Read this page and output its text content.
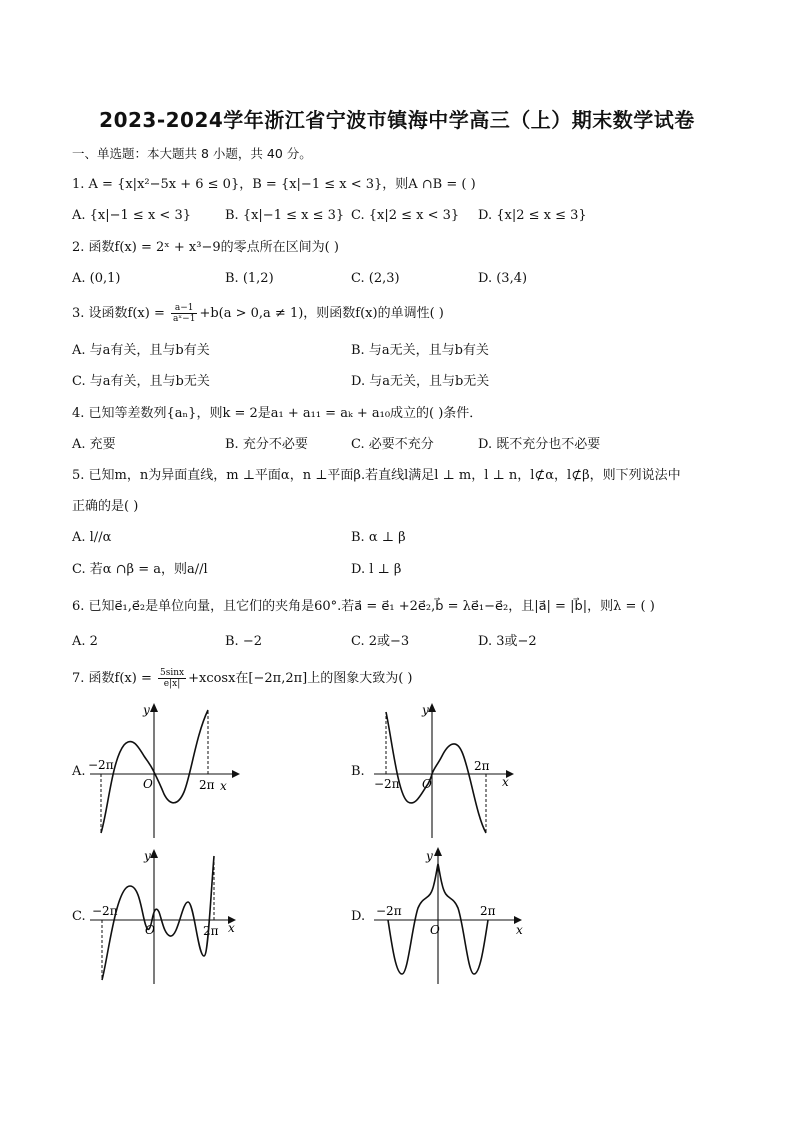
2023-2024学年浙江省宁波市镇海中学高三（上）期末数学试卷
一、单选题：本大题共 8 小题，共 40 分。
1. A = {x|x²−5x + 6 ≤ 0}，B = {x|−1 ≤ x < 3}，则A ∩B = ( )
A. {x|−1 ≤ x < 3}	B. {x|−1 ≤ x ≤ 3} C. {x|2 ≤ x < 3} D. {x|2 ≤ x ≤ 3}
2. 函数f(x) = 2ˣ + x³−9的零点所在区间为( )
A. (0,1)	B. (1,2)	C. (2,3)	D. (3,4)
3. 设函数$f(x) = \frac{a-1}{\text{aˣ−1}} +b(a > 0,a \ne 1)$，则函数f(x)的单调性( )
A. 与a有关，且与b有关	B. 与a无关，且与b有关
C. 与a有关，且与b无关	D. 与a无关，且与b无关
4. 已知等差数列{aₙ}，则k = 2是a₁ + a₁₁ = aₖ + a₁₀成立的( )条件．
A. 充要	B. 充分不必要	C. 必要不充分	D. 既不充分也不必要
5. 已知m，n为异面直线，m ⊥平面α，n ⊥平面β.若直线l满足l ⊥ m，l ⊥ n，l⊄α，l⊄β，则下列说法中
正确的是( )
A. l//α	B. α ⊥ β
C. 若α ∩β = a，则a//l	D. l ⊥ β
6. 已知e⃗₁,e⃗₂是单位向量，且它们的夹角是60°.若a⃗ = e⃗₁ +2e⃗₂,b⃗ = λe⃗₁−e⃗₂，且|a⃗| = |b⃗|，则λ = ( )
A. 2	B. −2	C. 2或−3	D. 3或−2
7. 函数$f(x) = \frac{5\sin x}{e|x|} +xcosx$在[−2π,2π]上的图象大致为( )
A.	B.
C.	D.
y
x
O
−2π
2π
y
x
O
−2π
2π
y
x
O
−2π
2π
y
x
O
−2π	2π
